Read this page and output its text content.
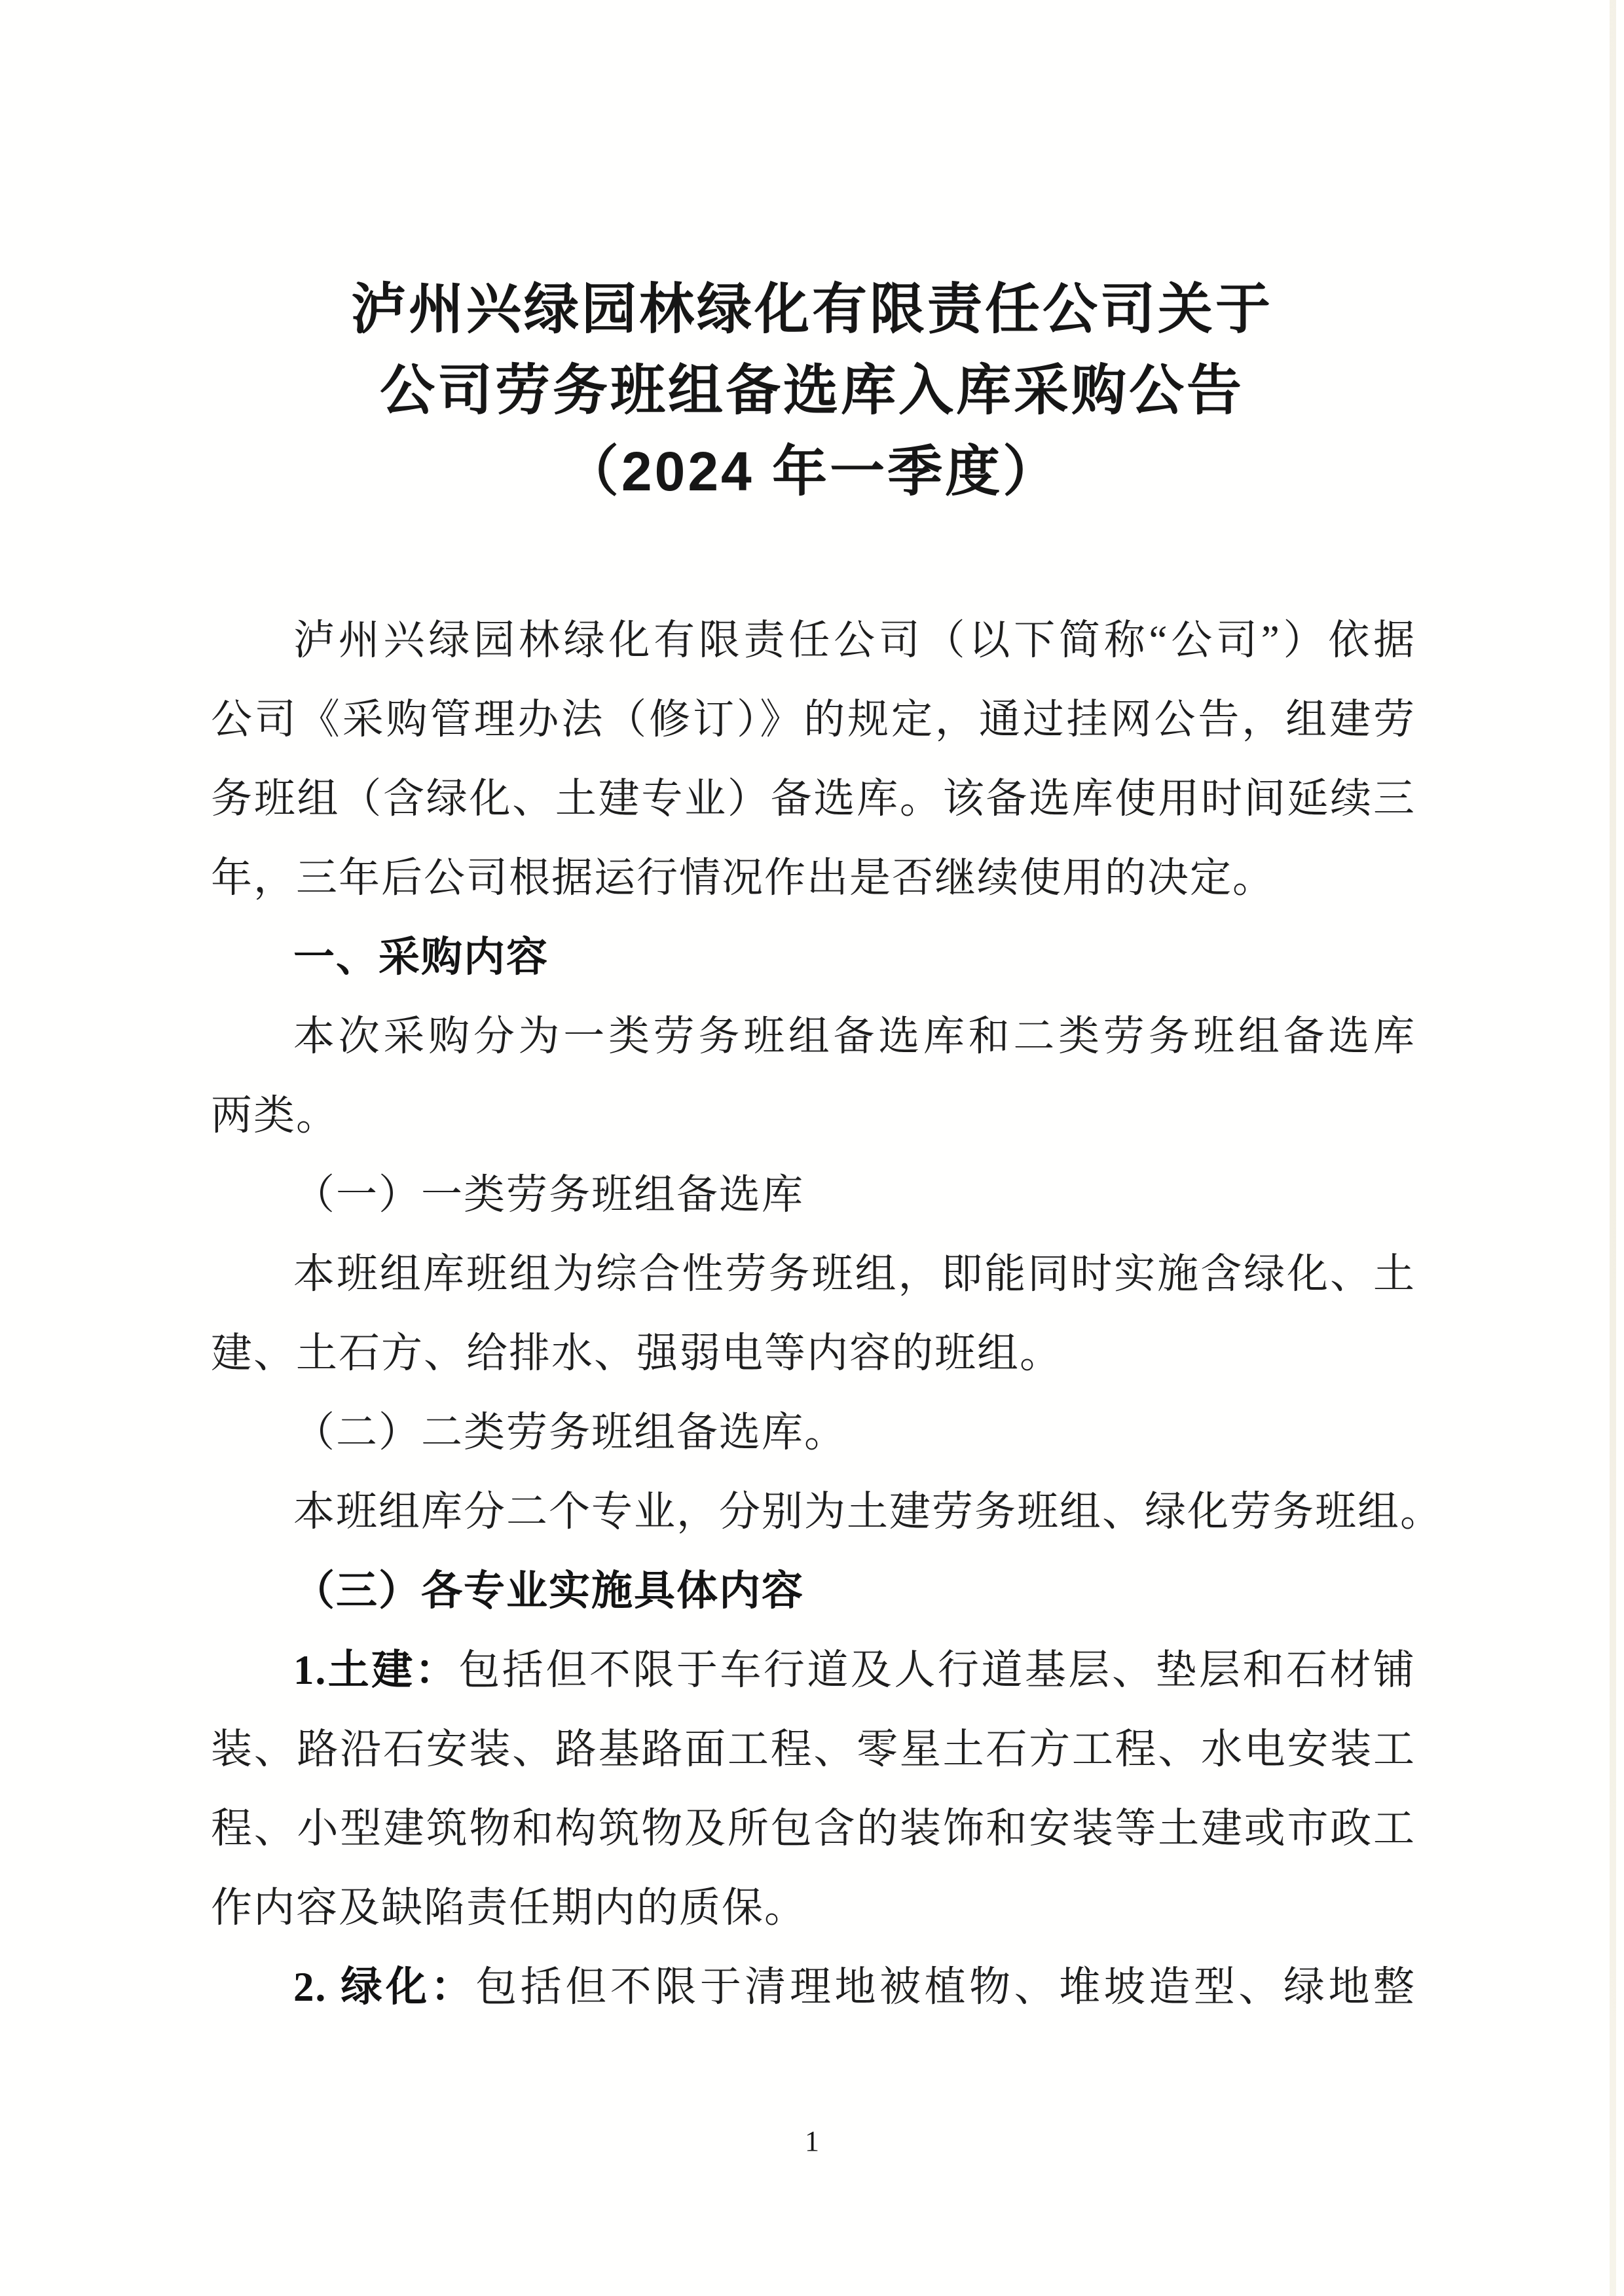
泸州兴绿园林绿化有限责任公司关于
公司劳务班组备选库入库采购公告
（2024 年一季度）
泸州兴绿园林绿化有限责任公司（以下简称“公司”）依据
公司《采购管理办法（修订）》的规定，通过挂网公告，组建劳
务班组（含绿化、土建专业）备选库。该备选库使用时间延续三
年，三年后公司根据运行情况作出是否继续使用的决定。
一、采购内容
本次采购分为一类劳务班组备选库和二类劳务班组备选库
两类。
（一）一类劳务班组备选库
本班组库班组为综合性劳务班组，即能同时实施含绿化、土
建、土石方、给排水、强弱电等内容的班组。
（二）二类劳务班组备选库。
本班组库分二个专业，分别为土建劳务班组、绿化劳务班组。
（三）各专业实施具体内容
1.土建：包括但不限于车行道及人行道基层、垫层和石材铺
装、路沿石安装、路基路面工程、零星土石方工程、水电安装工
程、小型建筑物和构筑物及所包含的装饰和安装等土建或市政工
作内容及缺陷责任期内的质保。
2. 绿化：包括但不限于清理地被植物、堆坡造型、绿地整
1
